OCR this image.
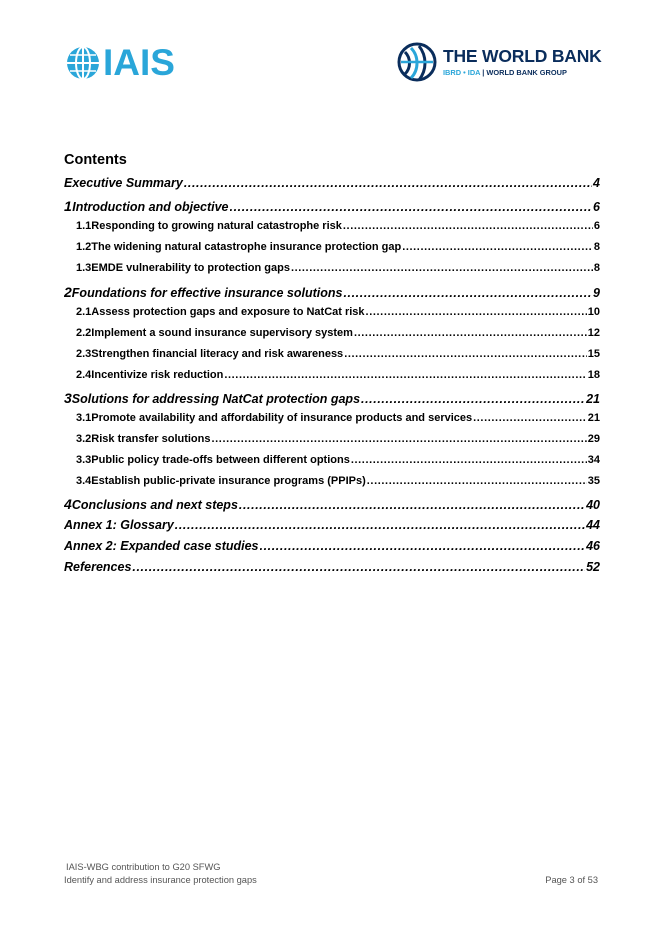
IAIS	THE WORLD BANK
IBRD • IDA | WORLD BANK GROUP
Contents
Executive Summary .....	4
1 Introduction and objective .....	6
1.1 Responding to growing natural catastrophe risk .....	6
1.2 The widening natural catastrophe insurance protection gap .....	8
1.3 EMDE vulnerability to protection gaps .....	8
2 Foundations for effective insurance solutions .....	9
2.1 Assess protection gaps and exposure to NatCat risk .....	10
2.2 Implement a sound insurance supervisory system .....	12
2.3 Strengthen financial literacy and risk awareness .....	15
2.4 Incentivize risk reduction .....	18
3 Solutions for addressing NatCat protection gaps .....	21
3.1 Promote availability and affordability of insurance products and services .....	21
3.2 Risk transfer solutions .....	29
3.3 Public policy trade-offs between different options .....	34
3.4 Establish public-private insurance programs (PPIPs) .....	35
4 Conclusions and next steps .....	40
Annex 1: Glossary .....	44
Annex 2: Expanded case studies .....	46
References .....	52
IAIS-WBG contribution to G20 SFWG
Identify and address insurance protection gaps	Page 3 of 53
